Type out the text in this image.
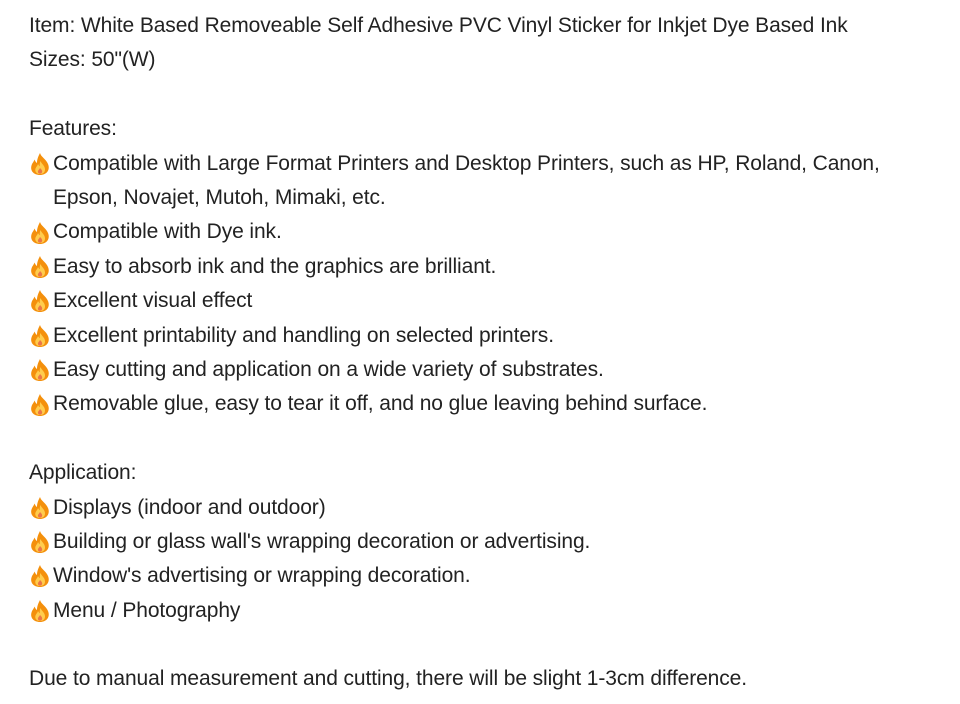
Item: White Based Removeable Self Adhesive PVC Vinyl Sticker for Inkjet Dye Based Ink
Sizes: 50"(W)
Features:
Compatible with Large Format Printers and Desktop Printers, such as HP, Roland, Canon, Epson, Novajet, Mutoh, Mimaki, etc.
Compatible with Dye ink.
Easy to absorb ink and the graphics are brilliant.
Excellent visual effect
Excellent printability and handling on selected printers.
Easy cutting and application on a wide variety of substrates.
Removable glue, easy to tear it off, and no glue leaving behind surface.
Application:
Displays (indoor and outdoor)
Building or glass wall's wrapping decoration or advertising.
Window's advertising or wrapping decoration.
Menu / Photography
Due to manual measurement and cutting, there will be slight 1-3cm difference.
